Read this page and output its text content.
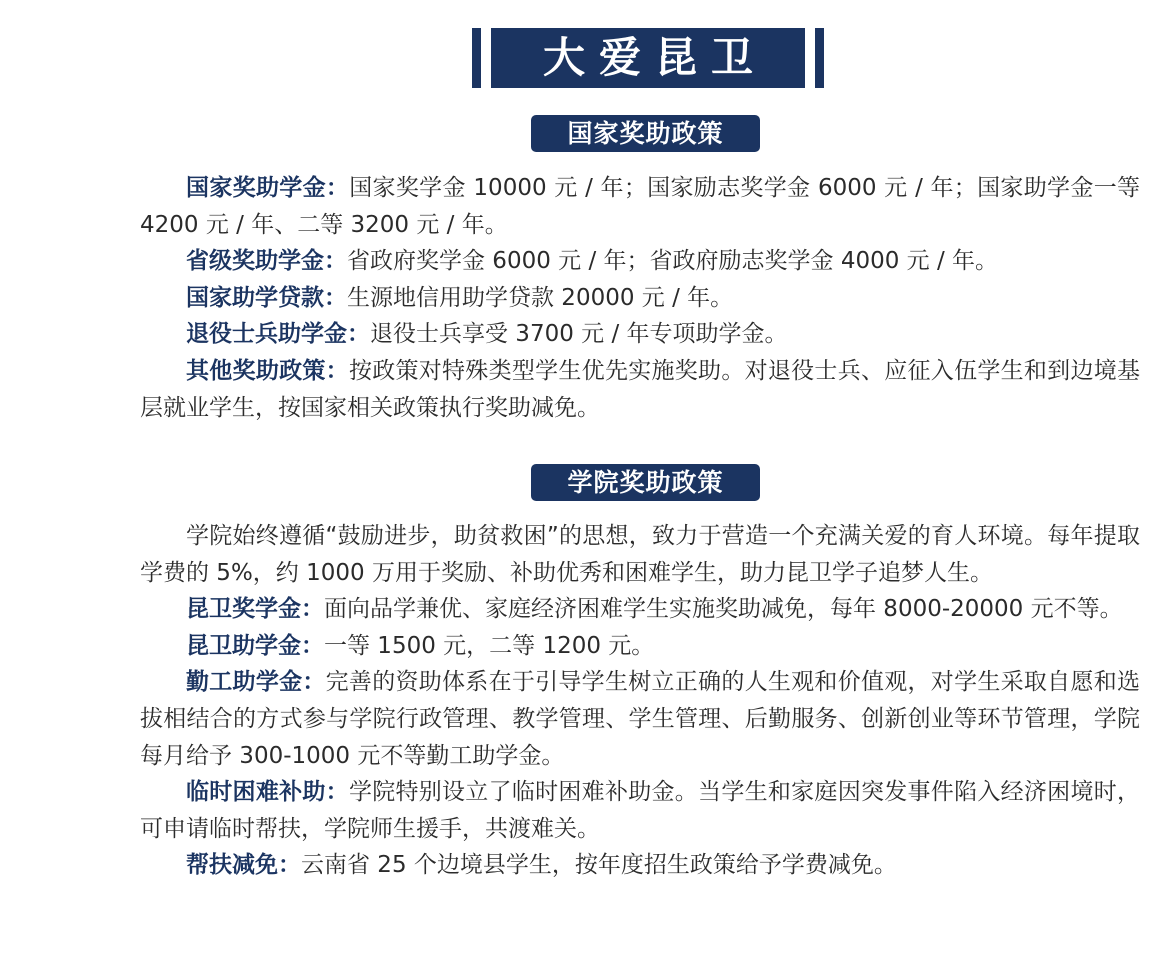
大爱昆卫
国家奖助政策

国家奖助学金：国家奖学金 10000 元 / 年；国家励志奖学金 6000 元 / 年；国家助学金一等 4200 元 / 年、二等 3200 元 / 年。

省级奖助学金：省政府奖学金 6000 元 / 年；省政府励志奖学金 4000 元 / 年。

国家助学贷款：生源地信用助学贷款 20000 元 / 年。

退役士兵助学金：退役士兵享受 3700 元 / 年专项助学金。

其他奖助政策：按政策对特殊类型学生优先实施奖助。对退役士兵、应征入伍学生和到边境基层就业学生，按国家相关政策执行奖助减免。

学院奖助政策

学院始终遵循“鼓励进步，助贫救困”的思想，致力于营造一个充满关爱的育人环境。每年提取学费的 5%，约 1000 万用于奖励、补助优秀和困难学生，助力昆卫学子追梦人生。

昆卫奖学金：面向品学兼优、家庭经济困难学生实施奖助减免，每年 8000-20000 元不等。

昆卫助学金：一等 1500 元，二等 1200 元。

勤工助学金：完善的资助体系在于引导学生树立正确的人生观和价值观，对学生采取自愿和选拔相结合的方式参与学院行政管理、教学管理、学生管理、后勤服务、创新创业等环节管理，学院每月给予 300-1000 元不等勤工助学金。

临时困难补助：学院特别设立了临时困难补助金。当学生和家庭因突发事件陷入经济困境时，可申请临时帮扶，学院师生援手，共渡难关。

帮扶减免：云南省 25 个边境县学生，按年度招生政策给予学费减免。
